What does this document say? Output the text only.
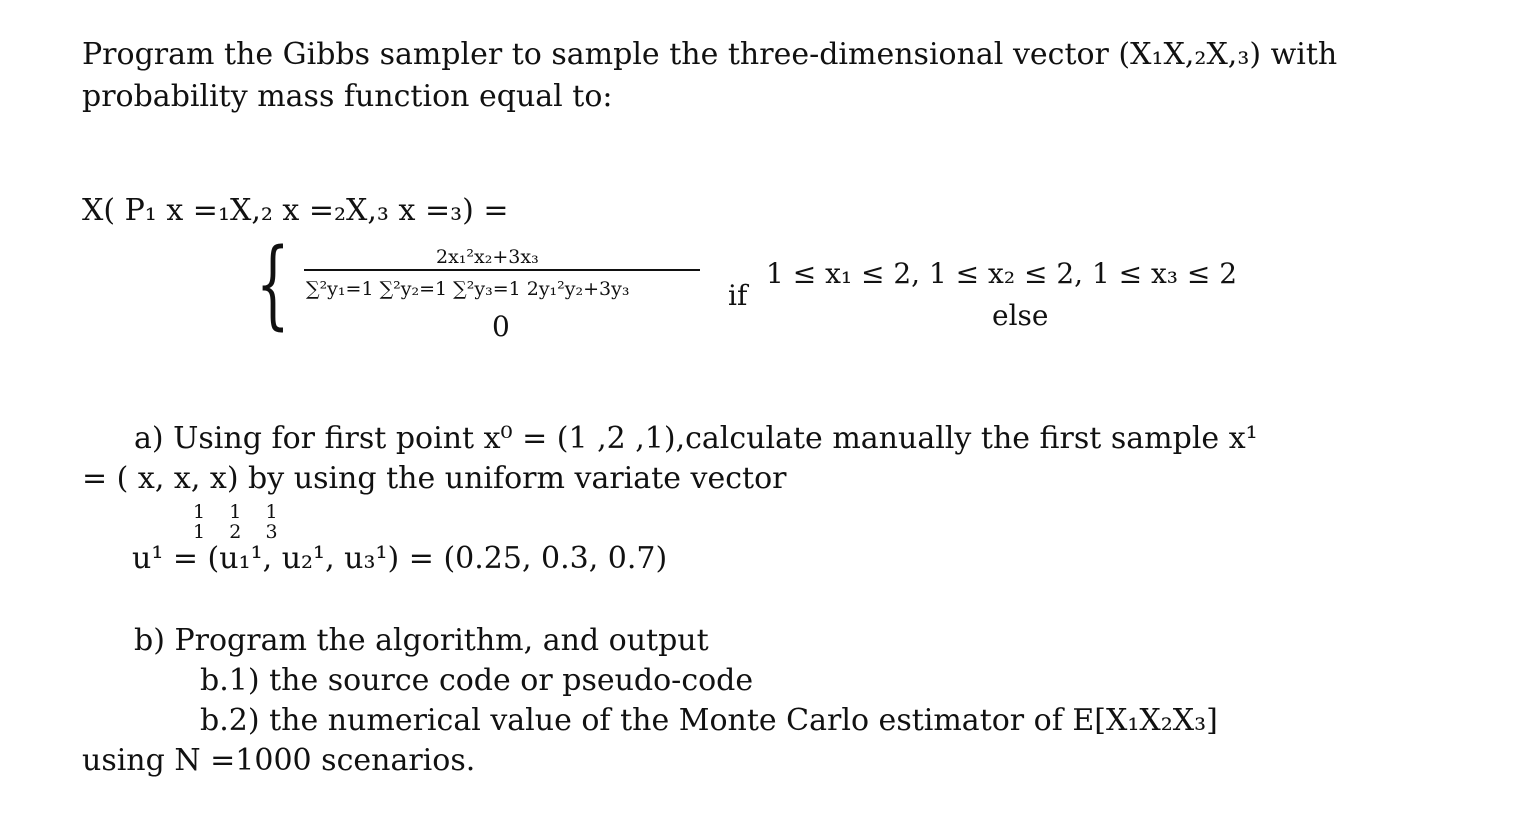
Program the Gibbs sampler to sample the three-dimensional vector (X₁X,₂X,₃) with
probability mass function equal to:
X( P₁ x =₁X,₂ x =₂X,₃ x =₃) =
{	2x₁²x₂+3x₃
∑²y₁=1 ∑²y₂=1 ∑²y₃=1 2y₁²y₂+3y₃	if
1 ≤ x₁ ≤ 2, 1 ≤ x₂ ≤ 2, 1 ≤ x₃ ≤ 2
0	else
a) Using for first point x⁰ = (1 ,2 ,1),calculate manually the first sample x¹
= ( x, x, x) by using the uniform variate vector
1    1    1
1    2    3
u¹ = (u₁¹, u₂¹, u₃¹) = (0.25, 0.3, 0.7)
b) Program the algorithm, and output
b.1) the source code or pseudo-code
b.2) the numerical value of the Monte Carlo estimator of E[X₁X₂X₃]
using N =1000 scenarios.
